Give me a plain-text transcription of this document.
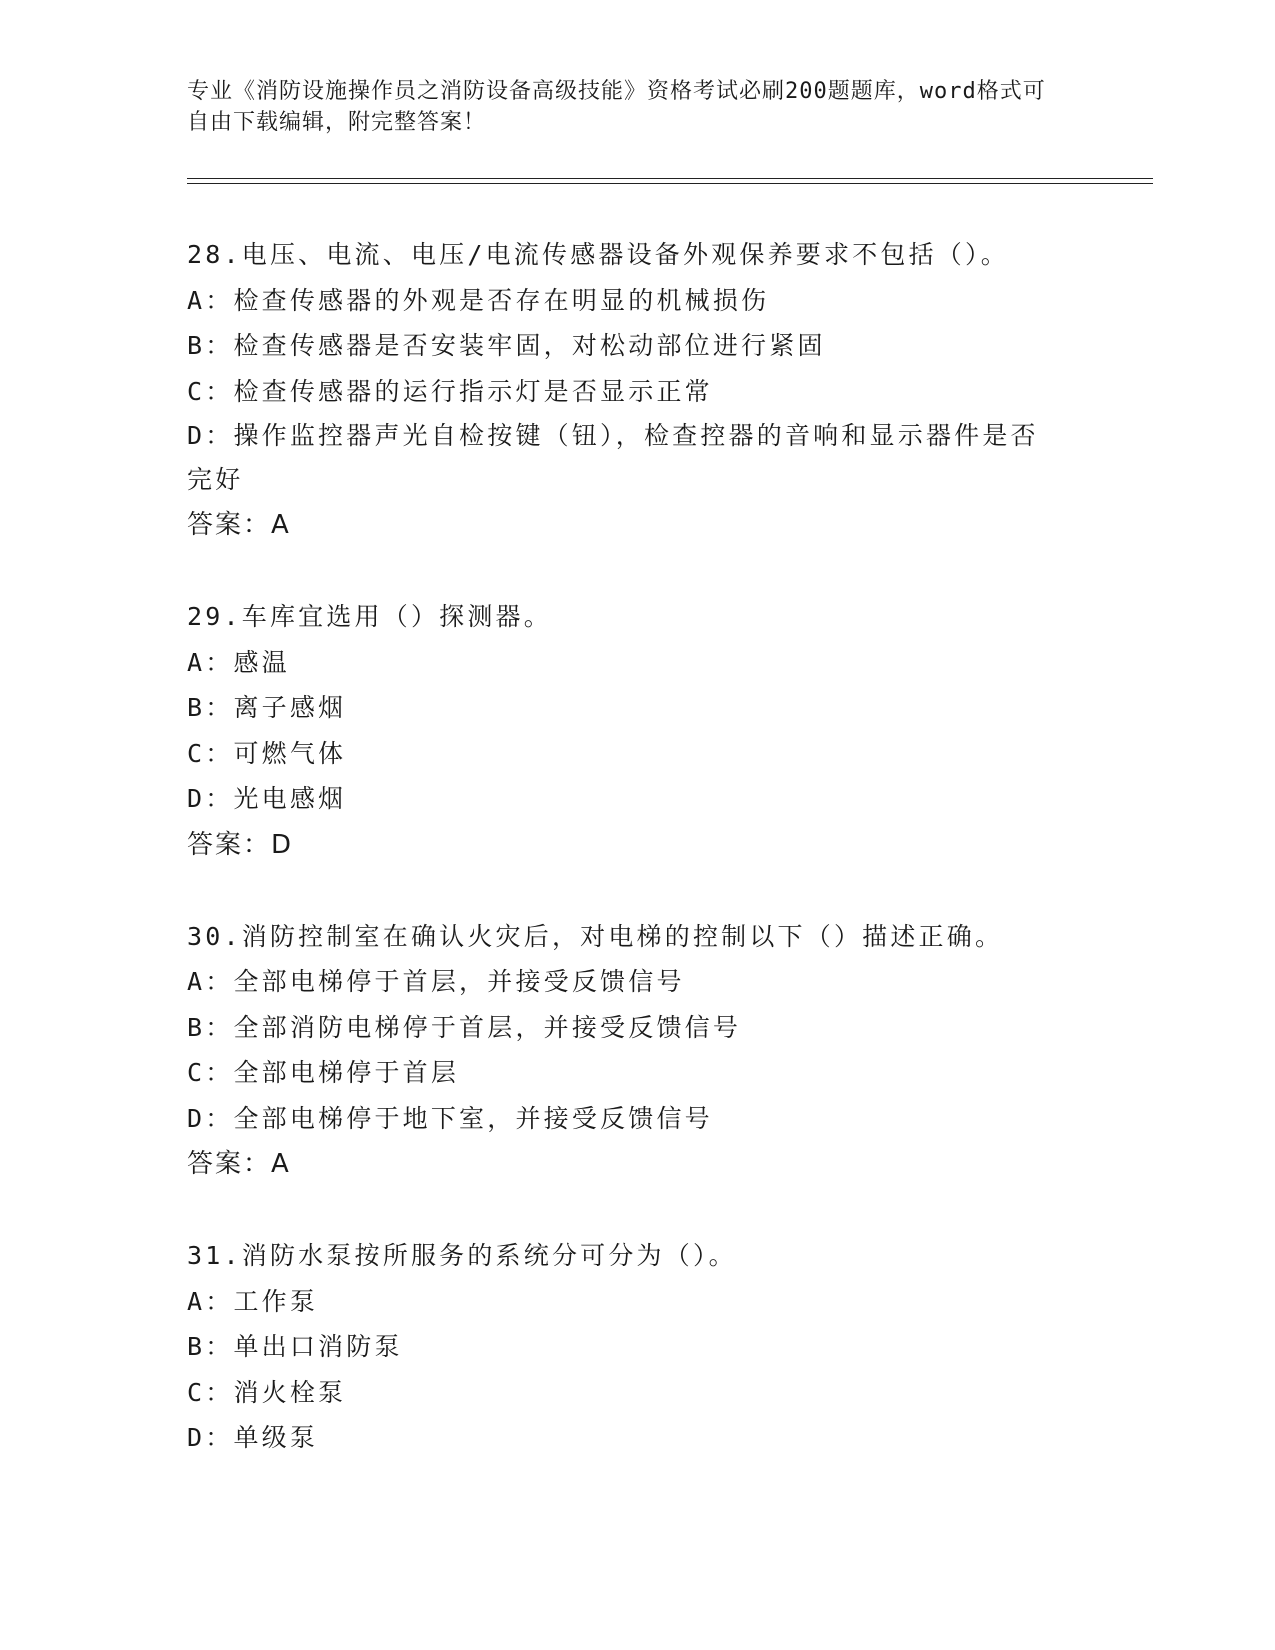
专业《消防设施操作员之消防设备高级技能》资格考试必刷200题题库，word格式可自由下载编辑，附完整答案！
28.电压、电流、电压/电流传感器设备外观保养要求不包括（）。
A：检查传感器的外观是否存在明显的机械损伤
B：检查传感器是否安装牢固，对松动部位进行紧固
C：检查传感器的运行指示灯是否显示正常
D：操作监控器声光自检按键（钮），检查控器的音响和显示器件是否完好
答案：A
29.车库宜选用（）探测器。
A：感温
B：离子感烟
C：可燃气体
D：光电感烟
答案：D
30.消防控制室在确认火灾后，对电梯的控制以下（）描述正确。
A：全部电梯停于首层，并接受反馈信号
B：全部消防电梯停于首层，并接受反馈信号
C：全部电梯停于首层
D：全部电梯停于地下室，并接受反馈信号
答案：A
31.消防水泵按所服务的系统分可分为（）。
A：工作泵
B：单出口消防泵
C：消火栓泵
D：单级泵
